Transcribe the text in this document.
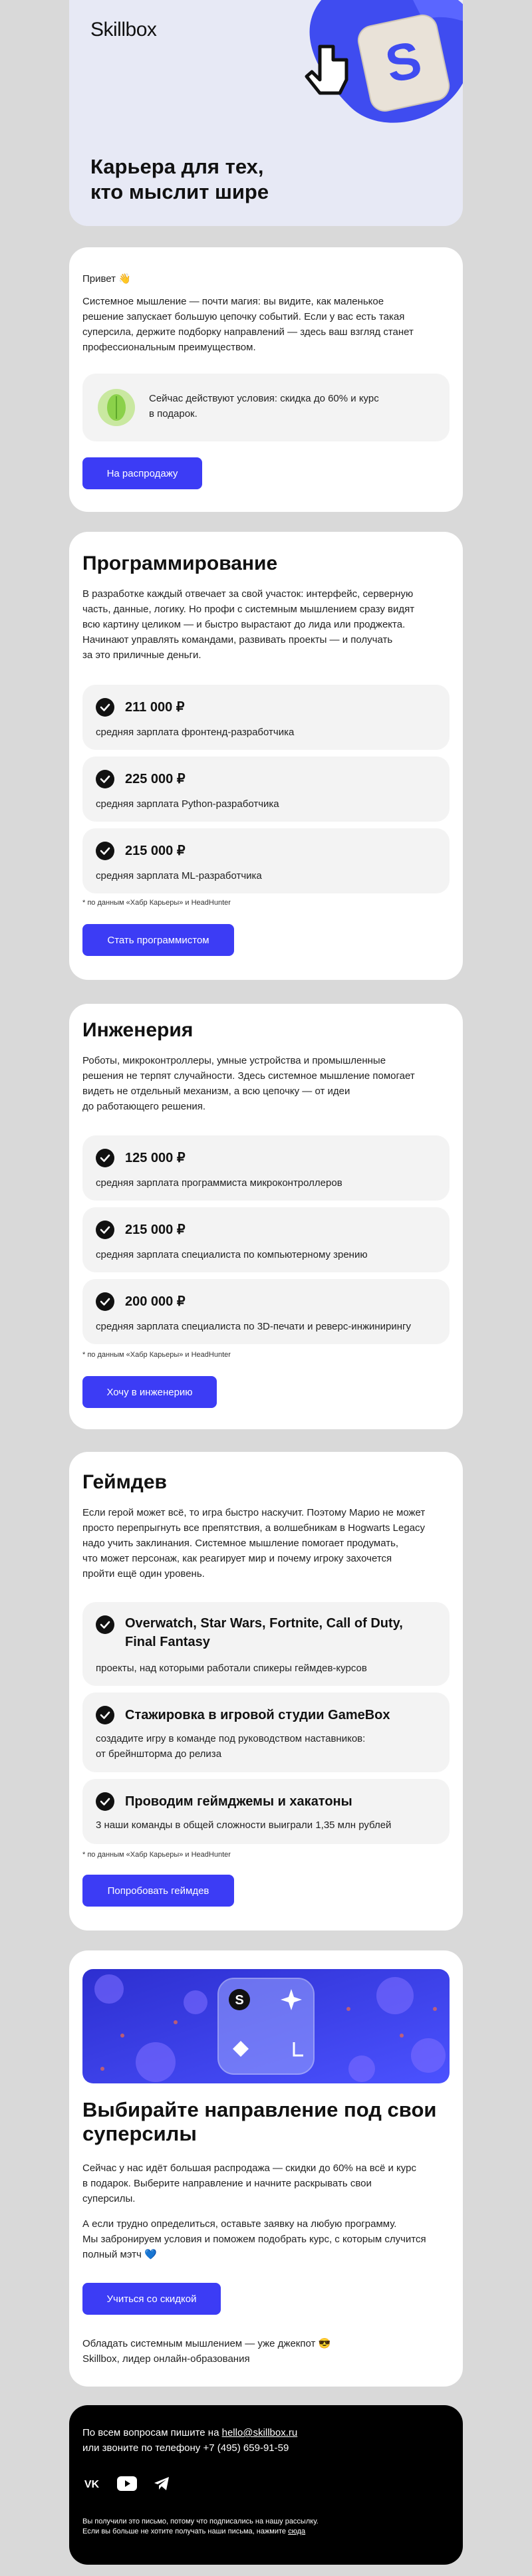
Skillbox	S
Карьера для тех,
кто мыслит шире
Привет 👋
Системное мышление — почти магия: вы видите, как маленькое
решение запускает большую цепочку событий. Если у вас есть такая
суперсила, держите подборку направлений — здесь ваш взгляд станет
профессиональным преимуществом.
Сейчас действуют условия: скидка до 60% и курс
в подарок.
На распродажу
Программирование
В разработке каждый отвечает за свой участок: интерфейс, серверную
часть, данные, логику. Но профи с системным мышлением сразу видят
всю картину целиком — и быстро вырастают до лида или проджекта.
Начинают управлять командами, развивать проекты — и получать
за это приличные деньги.
211 000 ₽
средняя зарплата фронтенд-разработчика
225 000 ₽
средняя зарплата Python-разработчика
215 000 ₽
средняя зарплата ML-разработчика
* по данным «Хабр Карьеры» и HeadHunter
Стать программистом
Инженерия
Роботы, микроконтроллеры, умные устройства и промышленные
решения не терпят случайности. Здесь системное мышление помогает
видеть не отдельный механизм, а всю цепочку — от идеи
до работающего решения.
125 000 ₽
средняя зарплата программиста микроконтроллеров
215 000 ₽
средняя зарплата специалиста по компьютерному зрению
200 000 ₽
средняя зарплата специалиста по 3D-печати и реверс-инжинирингу
* по данным «Хабр Карьеры» и HeadHunter
Хочу в инженерию
Геймдев
Если герой может всё, то игра быстро наскучит. Поэтому Марио не может
просто перепрыгнуть все препятствия, а волшебникам в Hogwarts Legacy
надо учить заклинания. Системное мышление помогает продумать,
что может персонаж, как реагирует мир и почему игроку захочется
пройти ещё один уровень.
Overwatch, Star Wars, Fortnite, Call of Duty,
Final Fantasy
проекты, над которыми работали спикеры геймдев-курсов
Стажировка в игровой студии GameBox
создадите игру в команде под руководством наставников:
от брейншторма до релиза
Проводим геймджемы и хакатоны
3 наши команды в общей сложности выиграли 1,35 млн рублей
* по данным «Хабр Карьеры» и HeadHunter
Попробовать геймдев
S
Выбирайте направление под свои
суперсилы
Сейчас у нас идёт большая распродажа — скидки до 60% на всё и курс
в подарок. Выберите направление и начните раскрывать свои
суперсилы.
А если трудно определиться, оставьте заявку на любую программу.
Мы забронируем условия и поможем подобрать курс, с которым случится
полный мэтч 💙
Учиться со скидкой
Обладать системным мышлением — уже джекпот 😎
Skillbox, лидер онлайн-образования
По всем вопросам пишите на hello@skillbox.ru
или звоните по телефону +7 (495) 659-91-59
VK
Вы получили это письмо, потому что подписались на нашу рассылку.
Если вы больше не хотите получать наши письма, нажмите сюда
